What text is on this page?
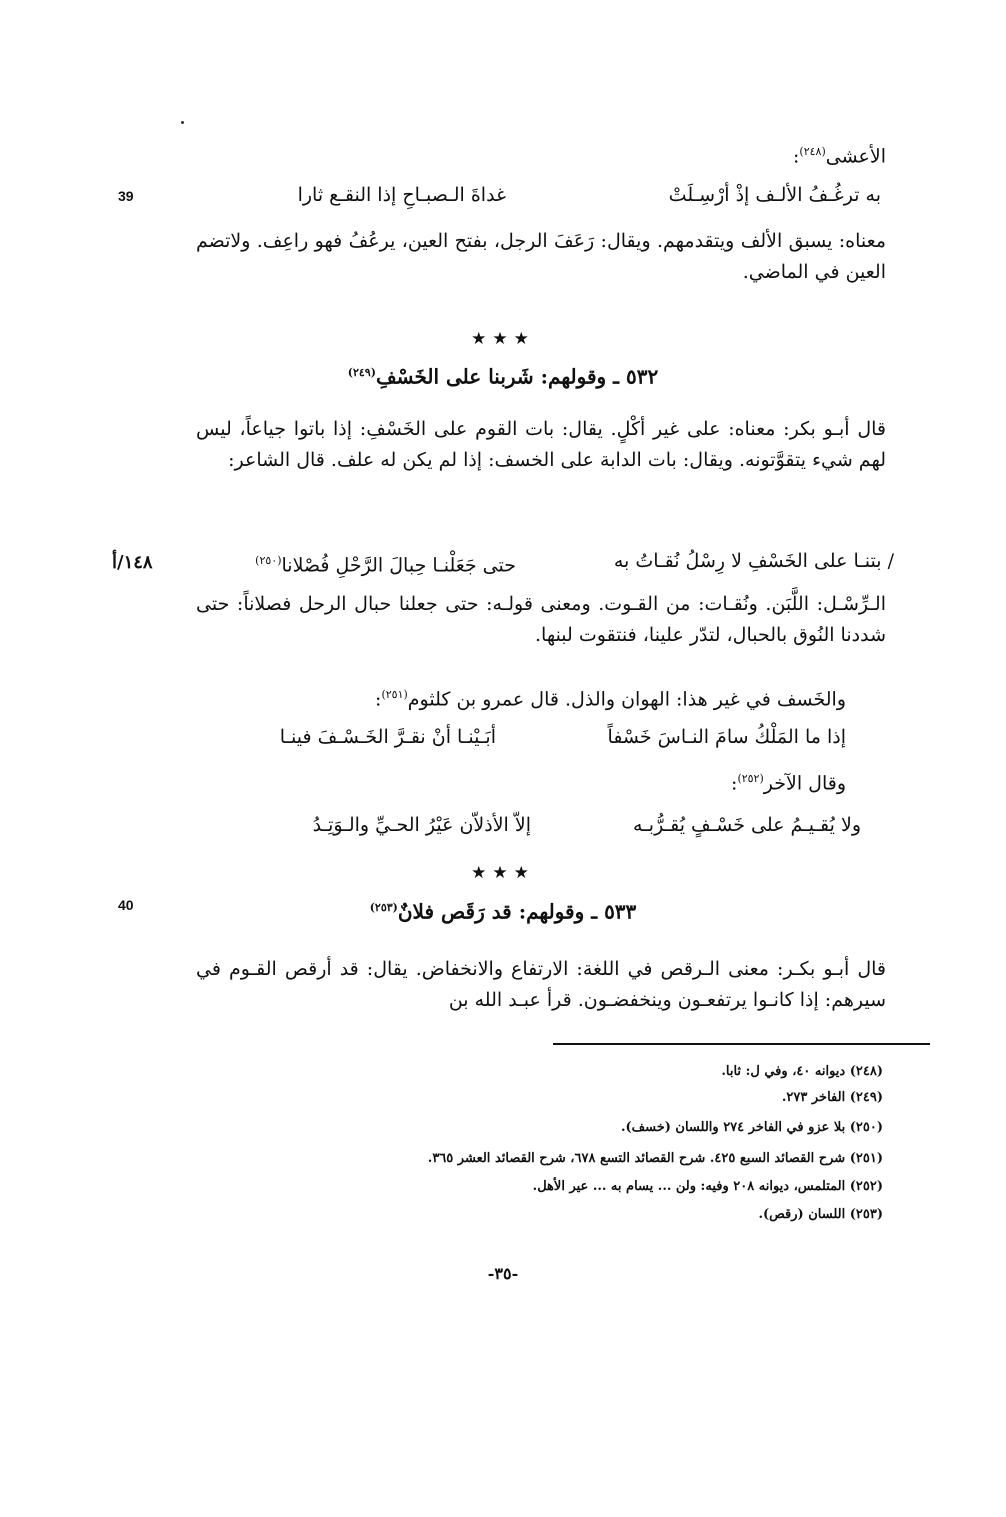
39
40
١٤٨/أ
الأعشى$^{(٢٤٨)}$:
به ترغُـفُ الألـف إذْ أرْسِـلَتْ
غداةَ الـصبـاحِ إذا النقـع ثارا
معناه: يسبق الألف ويتقدمهم. ويقال: رَعَفَ الرجل، بفتح العين، يرعُفُ فهو راعِف. ولاتضم العين في الماضي.
★★★
٥٣٢ ـ وقولهم: شَربنا على الخَسْفِ$^{(٢٤٩)}$
قال أبـو بكر: معناه: على غير أكْلٍ. يقال: بات القوم على الخَسْفِ: إذا باتوا جياعاً، ليس لهم شيء يتقوَّتونه. ويقال: بات الدابة على الخسف: إذا لم يكن له علف. قال الشاعر:
/ بتنـا على الخَسْفِ لا رِسْلُ نُقـاتُ به
حتى جَعَلْنـا حِبالَ الرَّحْلِ فُصْلانا$^{(٢٥٠)}$
الـرِّسْـل: اللَّبَن. ونُقـات: من القـوت. ومعنى قولـه: حتى جعلنا حبال الرحل فصلاناً: حتى شددنا النُوق بالحبال، لتدّر علينا، فنتقوت لبنها.
والخَسف في غير هذا: الهوان والذل. قال عمرو بن كلثوم$^{(٢٥١)}$:
إذا ما المَلْكُ سامَ النـاسَ خَسْفاً
أبَـيْنـا أنْ نقـرَّ الخَـسْـفَ فينـا
وقال الآخر$^{(٢٥٢)}$:
ولا يُقـيـمُ على خَسْـفٍ يُقـرُّبـه
إلاّ الأذلاّن عَيْرُ الحـيِّ والـوَتِـدُ
★★★
٥٣٣ ـ وقولهم: قد رَقَص فلانٌ$^{(٢٥٣)}$
قال أبـو بكـر: معنى الـرقص في اللغة: الارتفاع والانخفاض. يقال: قد أرقص القـوم في سيرهم: إذا كانـوا يرتفعـون وينخفضـون. قرأ عبـد الله بن
(٢٤٨) ديوانه ٤٠، وفي ل: ثابا.
(٢٤٩) الفاخر ٢٧٣.
(٢٥٠) بلا عزو في الفاخر ٢٧٤ واللسان (خسف).
(٢٥١) شرح القصائد السبع ٤٢٥. شرح القصائد التسع ٦٧٨، شرح القصائد العشر ٣٦٥.
(٢٥٢) المتلمس، ديوانه ٢٠٨ وفيه: ولن ... يسام به ... عير الأهل.
(٢٥٣) اللسان (رقص).
-٣٥-
